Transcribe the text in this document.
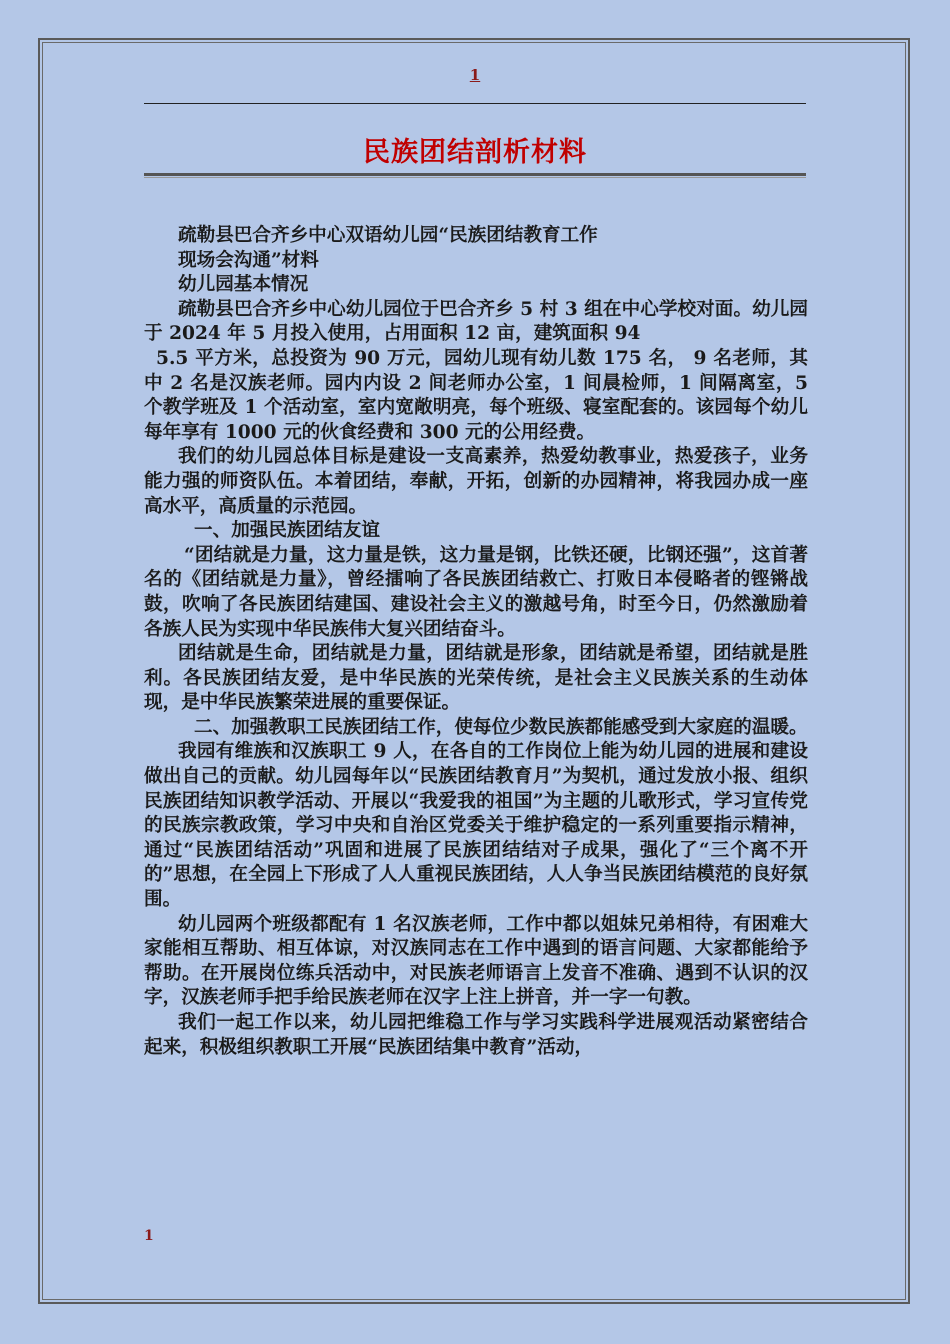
1
民族团结剖析材料

疏勒县巴合齐乡中心双语幼儿园“民族团结教育工作

现场会沟通”材料

幼儿园基本情况

疏勒县巴合齐乡中心幼儿园位于巴合齐乡 5 村 3 组在中心学校对面。幼儿园于 2024 年 5 月投入使用，占用面积 12 亩，建筑面积 94

5.5 平方米，总投资为 90 万元，园幼儿现有幼儿数 175 名， 9 名老师，其中 2 名是汉族老师。园内内设 2 间老师办公室，1 间晨检师，1 间隔离室，5 个教学班及 1 个活动室，室内宽敞明亮，每个班级、寝室配套的。该园每个幼儿每年享有 1000 元的伙食经费和 300 元的公用经费。

我们的幼儿园总体目标是建设一支高素养，热爱幼教事业，热爱孩子，业务能力强的师资队伍。本着团结，奉献，开拓，创新的办园精神，将我园办成一座高水平，高质量的示范园。

一、加强民族团结友谊

“团结就是力量，这力量是铁，这力量是钢，比铁还硬，比钢还强”，这首著名的《团结就是力量》，曾经擂响了各民族团结救亡、打败日本侵略者的铿锵战鼓，吹响了各民族团结建国、建设社会主义的激越号角，时至今日，仍然激励着各族人民为实现中华民族伟大复兴团结奋斗。

团结就是生命，团结就是力量，团结就是形象，团结就是希望，团结就是胜利。各民族团结友爱，是中华民族的光荣传统，是社会主义民族关系的生动体现，是中华民族繁荣进展的重要保证。

二、加强教职工民族团结工作，使每位少数民族都能感受到大家庭的温暖。

我园有维族和汉族职工 9 人，在各自的工作岗位上能为幼儿园的进展和建设做出自己的贡献。幼儿园每年以“民族团结教育月”为契机，通过发放小报、组织民族团结知识教学活动、开展以“我爱我的祖国”为主题的儿歌形式，学习宣传党的民族宗教政策，学习中央和自治区党委关于维护稳定的一系列重要指示精神，通过“民族团结活动”巩固和进展了民族团结结对子成果，强化了“三个离不开的”思想，在全园上下形成了人人重视民族团结，人人争当民族团结模范的良好氛围。

幼儿园两个班级都配有 1 名汉族老师，工作中都以姐妹兄弟相待，有困难大家能相互帮助、相互体谅，对汉族同志在工作中遇到的语言问题、大家都能给予帮助。在开展岗位练兵活动中，对民族老师语言上发音不准确、遇到不认识的汉字，汉族老师手把手给民族老师在汉字上注上拼音，并一字一句教。

我们一起工作以来，幼儿园把维稳工作与学习实践科学进展观活动紧密结合起来，积极组织教职工开展“民族团结集中教育”活动，

1
